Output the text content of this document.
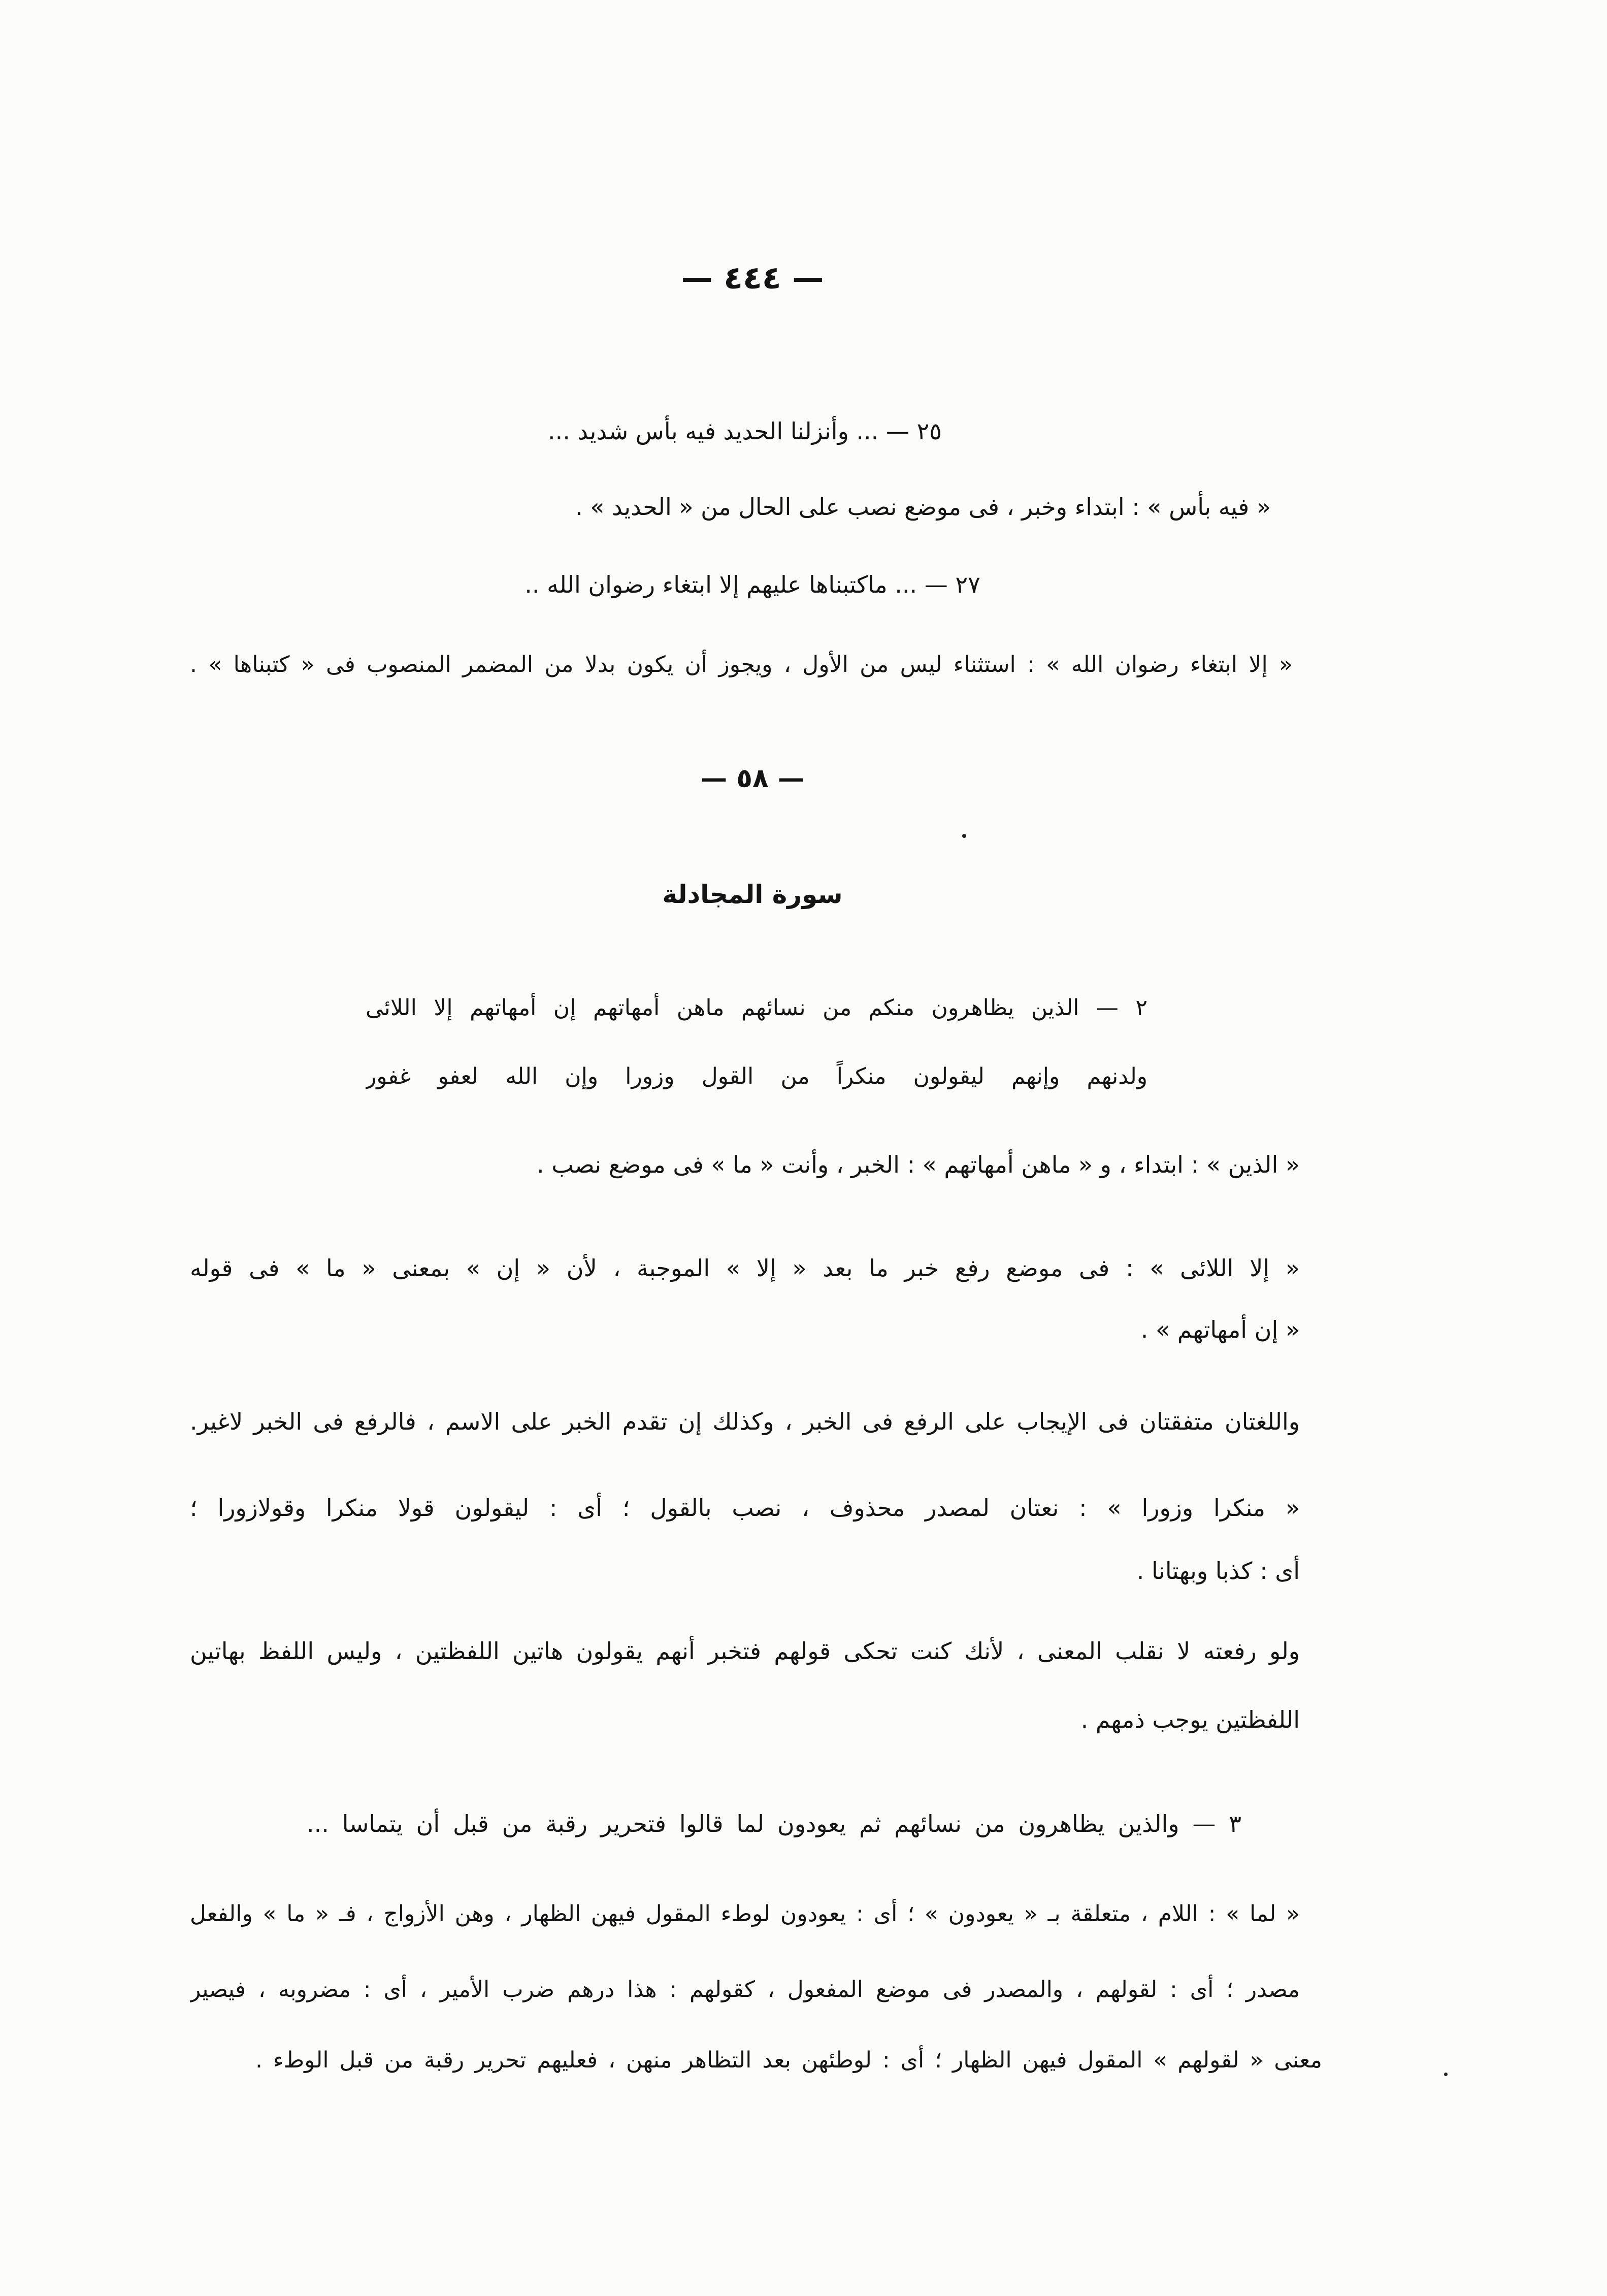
— ٤٤٤ —
٢٥ — ... وأنزلنا الحديد فيه بأس شديد ...
« فيه بأس » : ابتداء وخبر ، فى موضع نصب على الحال من « الحديد » .
٢٧ — ... ماكتبناها عليهم إلا ابتغاء رضوان الله ..
« إلا ابتغاء رضوان الله » : استثناء ليس من الأول ، ويجوز أن يكون بدلا من المضمر المنصوب فى « كتبناها » .
— ٥٨ —
سورة المجادلة
٢ — الذين يظاهرون منكم من نسائهم ماهن أمهاتهم إن أمهاتهم إلا اللائى
ولدنهم وإنهم ليقولون منكراً من القول وزورا وإن الله لعفو غفور
« الذين » : ابتداء ، و « ماهن أمهاتهم » : الخبر ، وأنت « ما » فى موضع نصب .
« إلا اللائى » : فى موضع رفع خبر ما بعد « إلا » الموجبة ، لأن « إن » بمعنى « ما » فى قوله
« إن أمهاتهم » .
واللغتان متفقتان فى الإيجاب على الرفع فى الخبر ، وكذلك إن تقدم الخبر على الاسم ، فالرفع فى الخبر لاغير.
« منكرا وزورا » : نعتان لمصدر محذوف ، نصب بالقول ؛ أى : ليقولون قولا منكرا وقولازورا ؛
أى : كذبا وبهتانا .
ولو رفعته لا نقلب المعنى ، لأنك كنت تحكى قولهم فتخبر أنهم يقولون هاتين اللفظتين ، وليس اللفظ بهاتين
اللفظتين يوجب ذمهم .
٣ — والذين يظاهرون من نسائهم ثم يعودون لما قالوا فتحرير رقبة من قبل أن يتماسا ...
« لما » : اللام ، متعلقة بـ « يعودون » ؛ أى : يعودون لوطء المقول فيهن الظهار ، وهن الأزواج ، فـ « ما » والفعل
مصدر ؛ أى : لقولهم ، والمصدر فى موضع المفعول ، كقولهم : هذا درهم ضرب الأمير ، أى : مضروبه ، فيصير
معنى « لقولهم » المقول فيهن الظهار ؛ أى : لوطئهن بعد التظاهر منهن ، فعليهم تحرير رقبة من قبل الوطء .
